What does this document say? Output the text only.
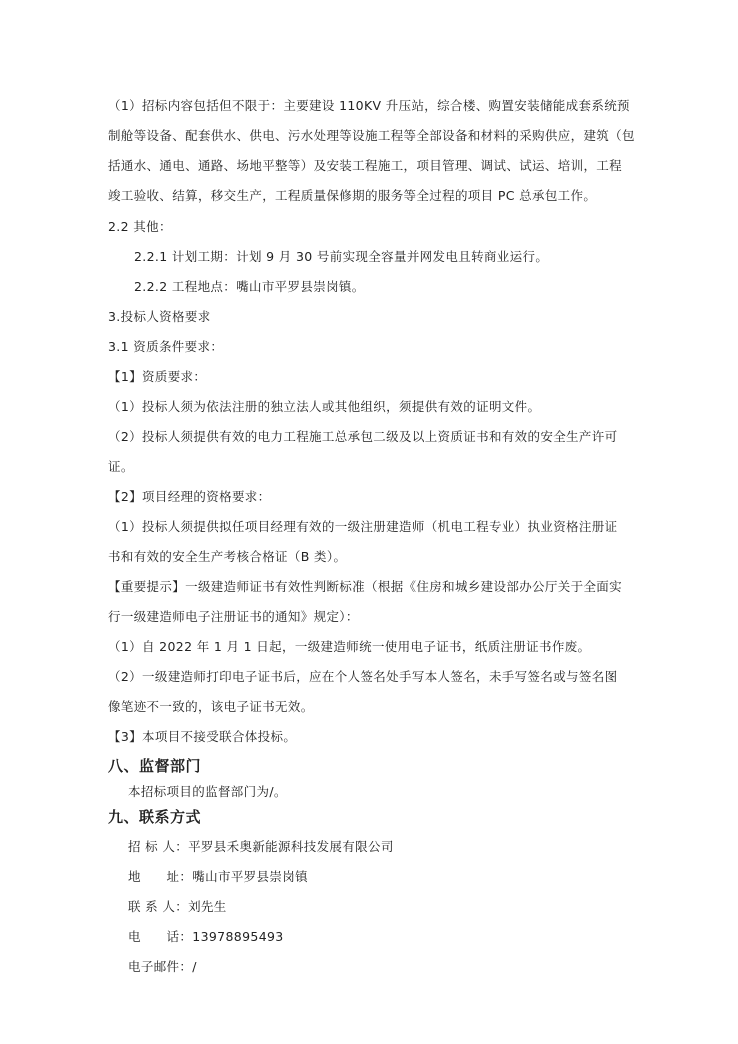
（1）招标内容包括但不限于：主要建设 110KV 升压站，综合楼、购置安装储能成套系统预
制舱等设备、配套供水、供电、污水处理等设施工程等全部设备和材料的采购供应，建筑（包
括通水、通电、通路、场地平整等）及安装工程施工，项目管理、调试、试运、培训，工程
竣工验收、结算，移交生产，工程质量保修期的服务等全过程的项目 PC 总承包工作。
2.2 其他：
2.2.1 计划工期：计划 9 月 30 号前实现全容量并网发电且转商业运行。
2.2.2 工程地点：嘴山市平罗县崇岗镇。
3.投标人资格要求
3.1 资质条件要求：
【1】资质要求：
（1）投标人须为依法注册的独立法人或其他组织，须提供有效的证明文件。
（2）投标人须提供有效的电力工程施工总承包二级及以上资质证书和有效的安全生产许可
证。
【2】项目经理的资格要求：
（1）投标人须提供拟任项目经理有效的一级注册建造师（机电工程专业）执业资格注册证
书和有效的安全生产考核合格证（B 类）。
【重要提示】一级建造师证书有效性判断标准（根据《住房和城乡建设部办公厅关于全面实
行一级建造师电子注册证书的通知》规定）：
（1）自 2022 年 1 月 1 日起，一级建造师统一使用电子证书，纸质注册证书作废。
（2）一级建造师打印电子证书后，应在个人签名处手写本人签名，未手写签名或与签名图
像笔迹不一致的，该电子证书无效。
【3】本项目不接受联合体投标。
八、监督部门
本招标项目的监督部门为/。
九、联系方式
招 标 人：平罗县禾奥新能源科技发展有限公司
地　　址：嘴山市平罗县崇岗镇
联 系 人：刘先生
电　　话：13978895493
电子邮件：/
